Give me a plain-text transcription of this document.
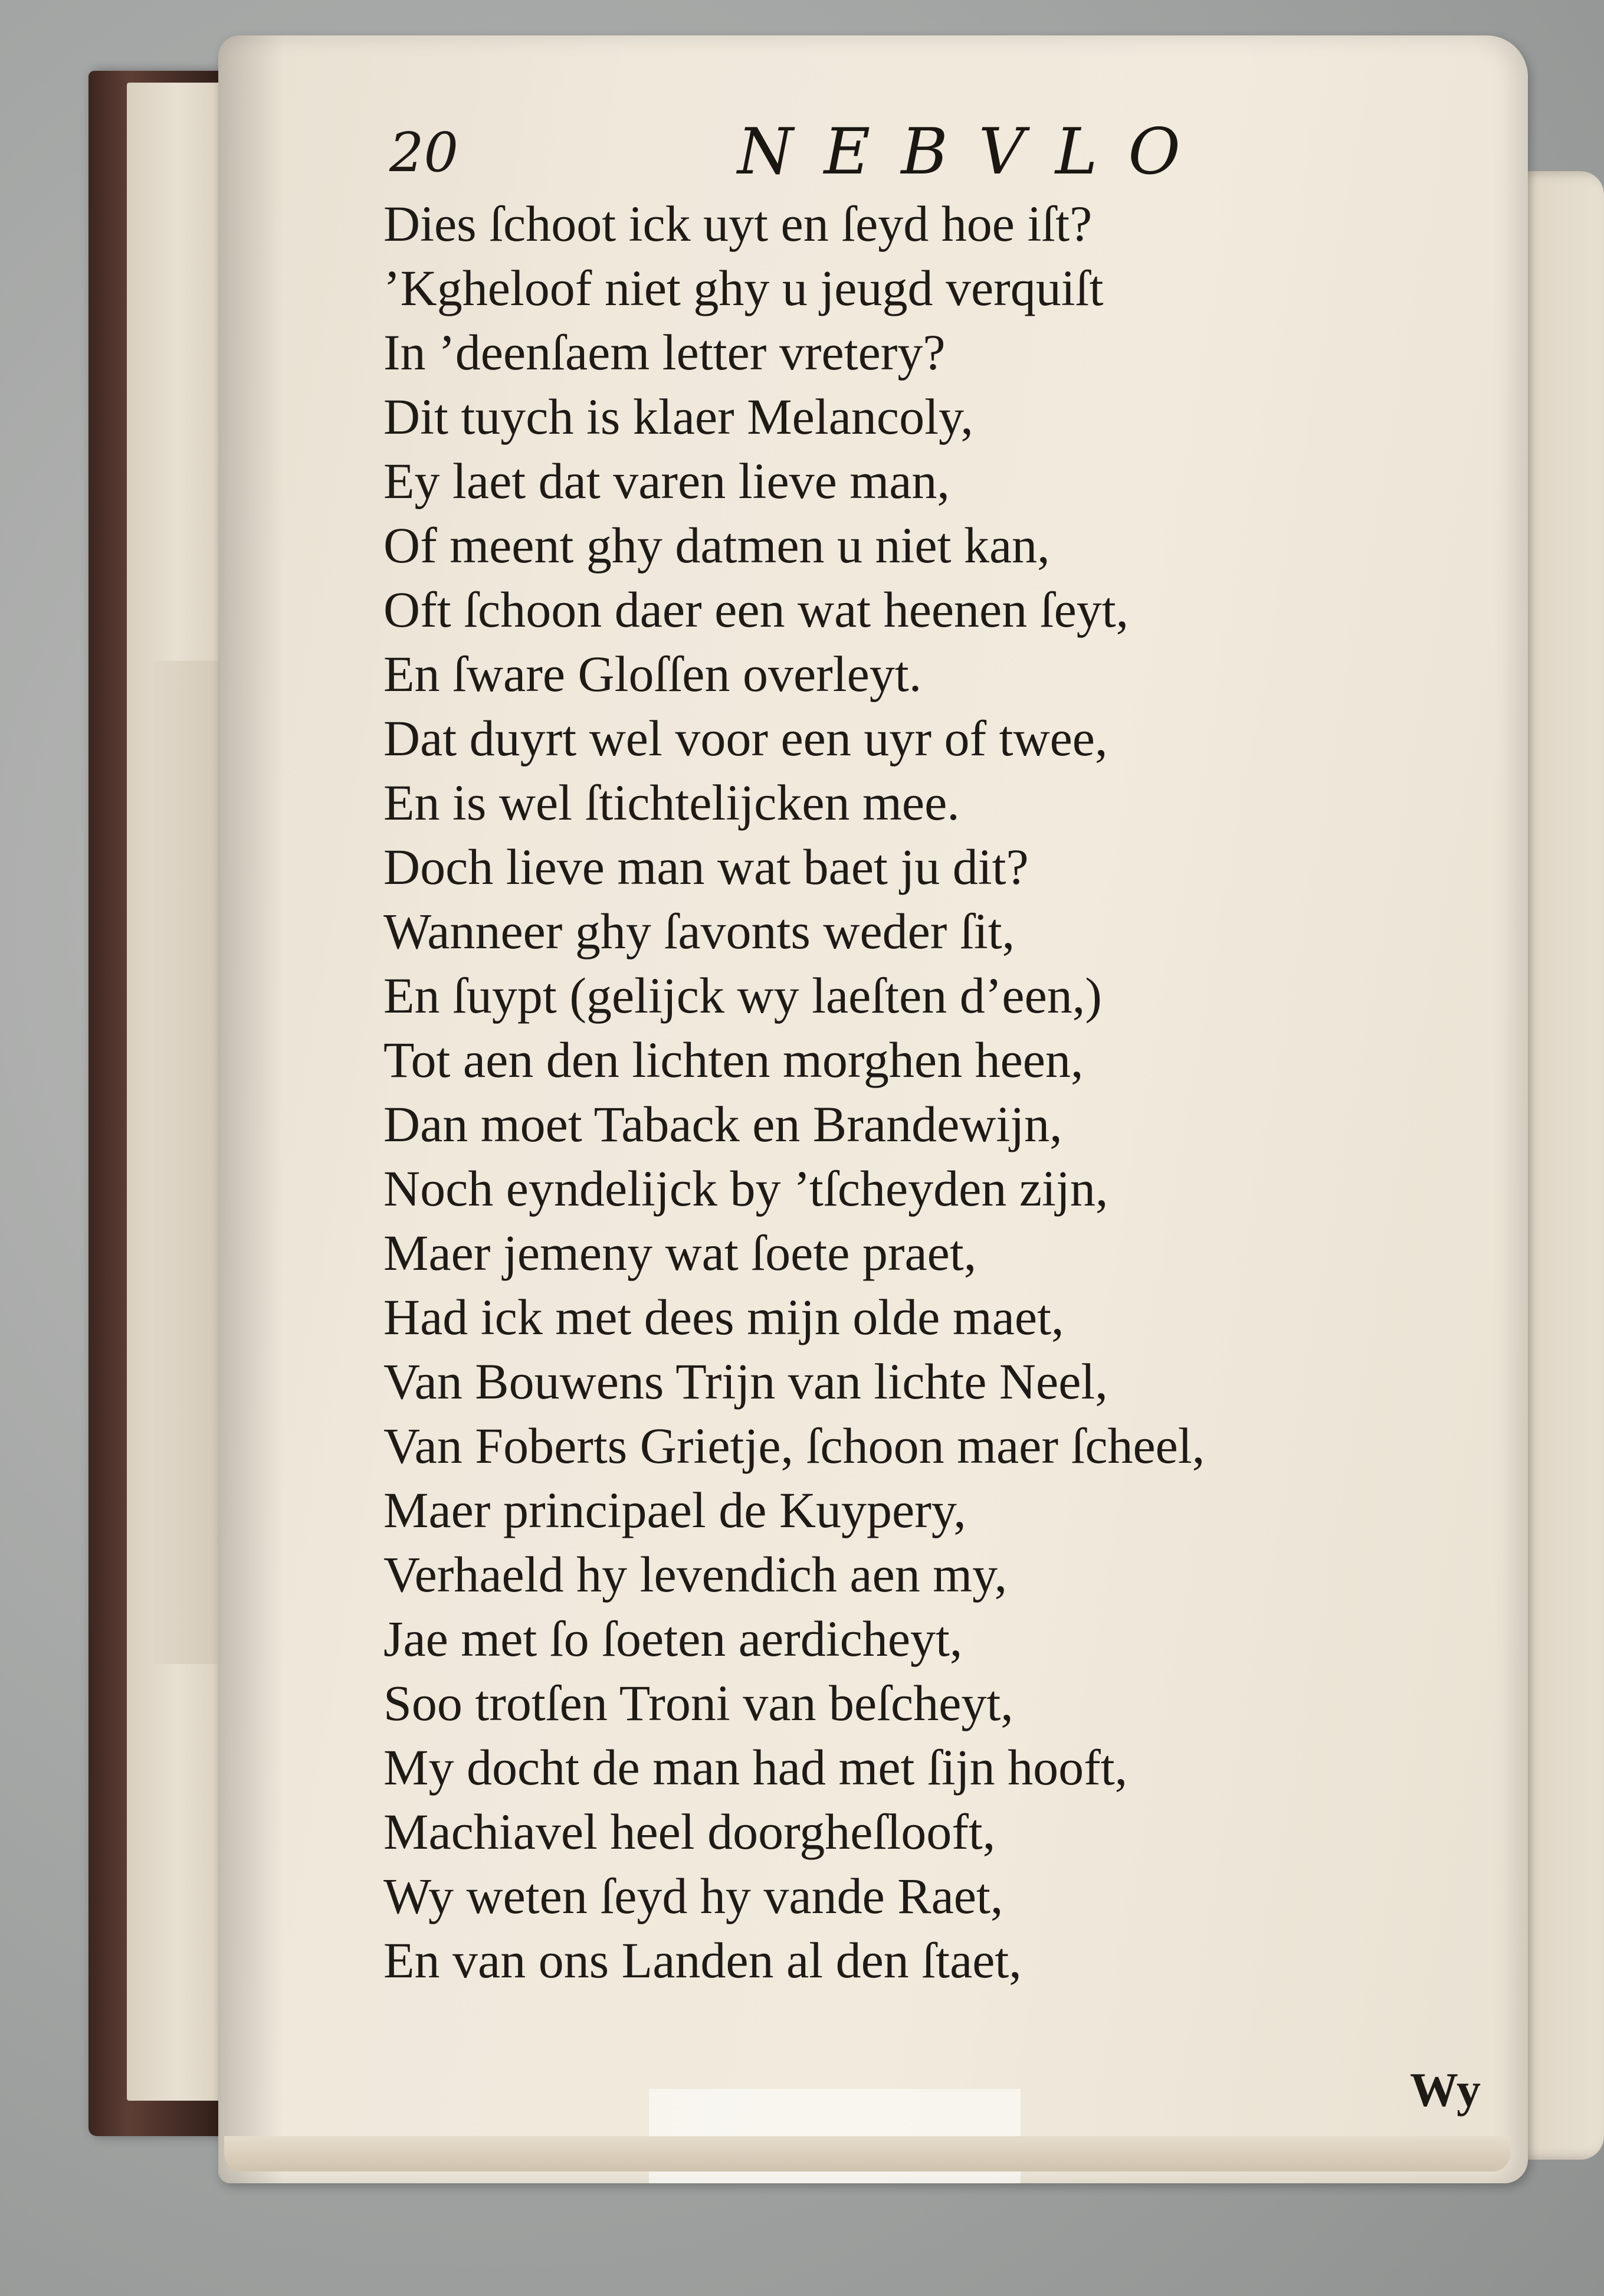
20	NEBVLO
Dies ſchoot ick uyt en ſeyd hoe iſt?
’Kgheloof niet ghy u jeugd verquiſt
In ’deenſaem letter vretery?
Dit tuych is klaer Melancoly,
Ey laet dat varen lieve man,
Of meent ghy datmen u niet kan,
Oft ſchoon daer een wat heenen ſeyt,
En ſware Gloſſen overleyt.
Dat duyrt wel voor een uyr of twee,
En is wel ſtichtelijcken mee.
Doch lieve man wat baet ju dit?
Wanneer ghy ſavonts weder ſit,
En ſuypt (gelijck wy laeſten d’een,)
Tot aen den lichten morghen heen,
Dan moet Taback en Brandewijn,
Noch eyndelijck by ’tſcheyden zijn,
Maer jemeny wat ſoete praet,
Had ick met dees mijn olde maet,
Van Bouwens Trijn van lichte Neel,
Van Foberts Grietje, ſchoon maer ſcheel,
Maer principael de Kuypery,
Verhaeld hy levendich aen my,
Jae met ſo ſoeten aerdicheyt,
Soo trotſen Troni van beſcheyt,
My docht de man had met ſijn hooft,
Machiavel heel doorgheſlooft,
Wy weten ſeyd hy vande Raet,
En van ons Landen al den ſtaet,
Wy
